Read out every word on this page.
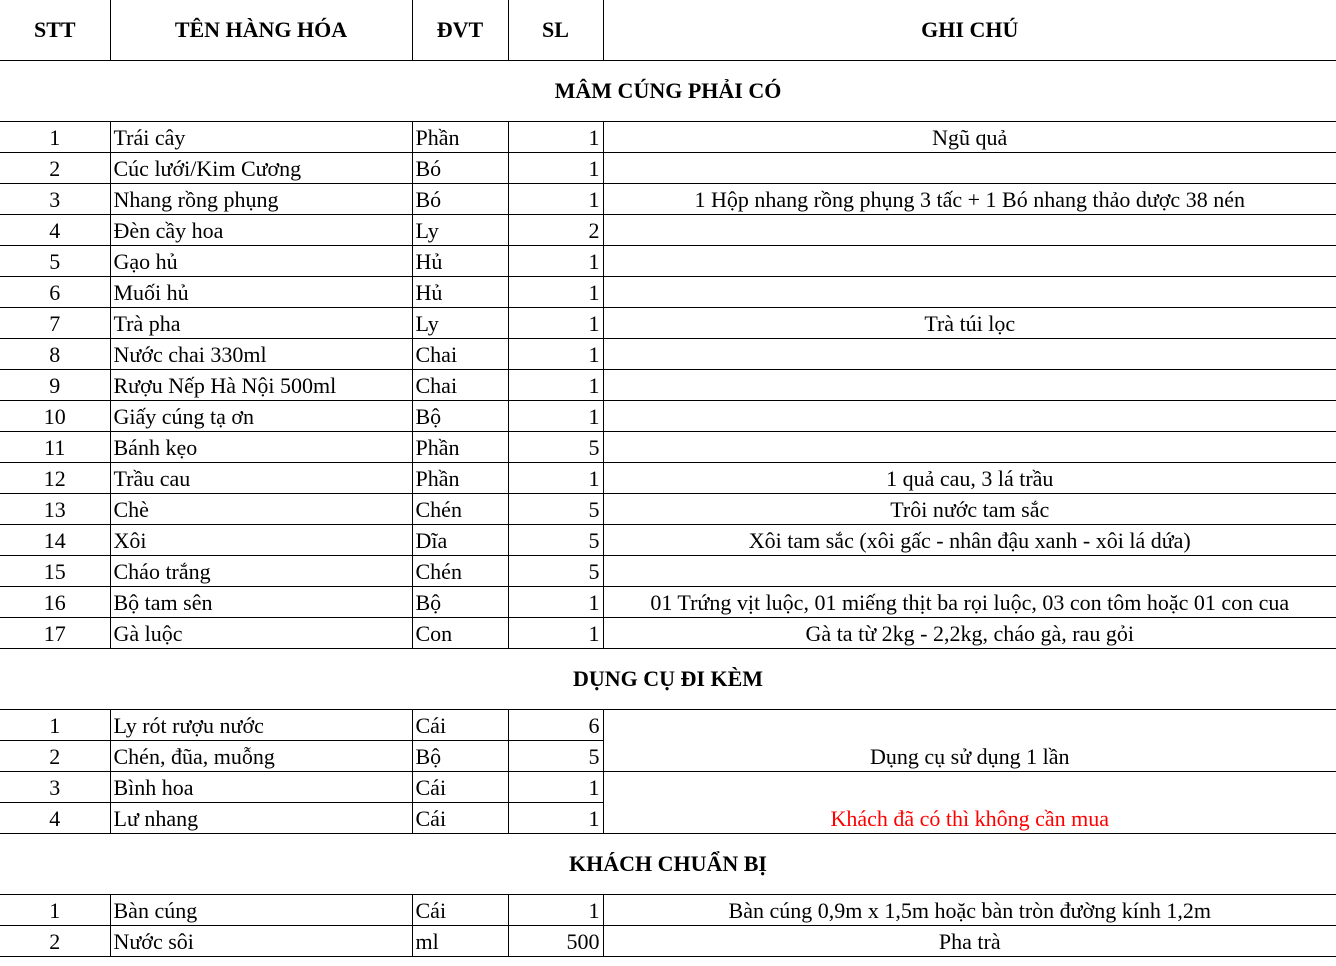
STT	TÊN HÀNG HÓA	ĐVT	SL	GHI CHÚ
MÂM CÚNG PHẢI CÓ				
1	Trái cây	Phần	1	Ngũ quả
2	Cúc lưới/Kim Cương	Bó	1	
3	Nhang rồng phụng	Bó	1	1 Hộp nhang rồng phụng 3 tấc + 1 Bó nhang thảo dược 38 nén
4	Đèn cầy hoa	Ly	2	
5	Gạo hủ	Hủ	1	
6	Muối hủ	Hủ	1	
7	Trà pha	Ly	1	Trà túi lọc
8	Nước chai 330ml	Chai	1	
9	Rượu Nếp Hà Nội 500ml	Chai	1	
10	Giấy cúng tạ ơn	Bộ	1	
11	Bánh kẹo	Phần	5	
12	Trầu cau	Phần	1	1 quả cau, 3 lá trầu
13	Chè	Chén	5	Trôi nước tam sắc
14	Xôi	Dĩa	5	Xôi tam sắc (xôi gấc - nhân đậu xanh - xôi lá dứa)
15	Cháo trắng	Chén	5	
16	Bộ tam sên	Bộ	1	01 Trứng vịt luộc, 01 miếng thịt ba rọi luộc, 03 con tôm hoặc 01 con cua
17	Gà luộc	Con	1	Gà ta từ 2kg - 2,2kg, cháo gà, rau gỏi
DỤNG CỤ ĐI KÈM				
1	Ly rót rượu nước	Cái	6	Dụng cụ sử dụng 1 lần
2	Chén, đũa, muỗng	Bộ	5	
3	Bình hoa	Cái	1	Khách đã có thì không cần mua
4	Lư nhang	Cái	1	
KHÁCH CHUẨN BỊ				
1	Bàn cúng	Cái	1	Bàn cúng 0,9m x 1,5m hoặc bàn tròn đường kính 1,2m
2	Nước sôi	ml	500	Pha trà
